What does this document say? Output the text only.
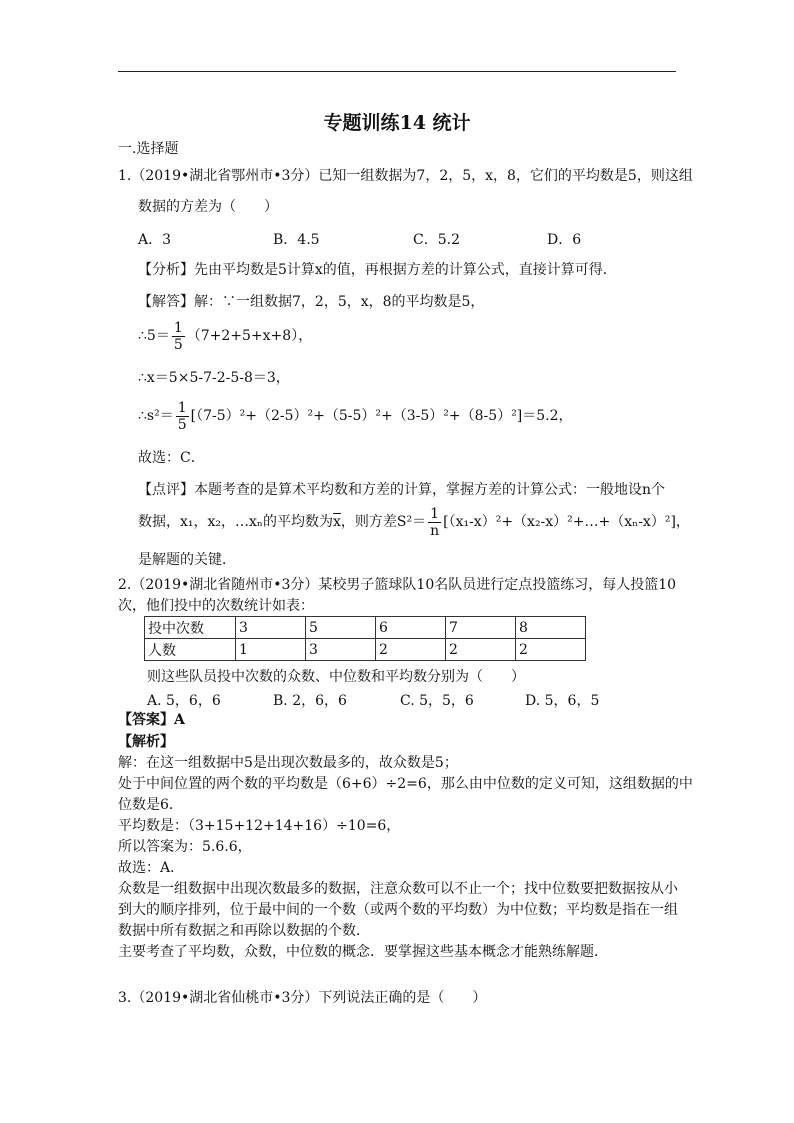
专题训练14 统计
一.选择题
1.（2019•湖北省鄂州市•3分）已知一组数据为7，2，5，x，8，它们的平均数是5，则这组
数据的方差为（　　）
A．3	B．4.5	C．5.2	D．6
【分析】先由平均数是5计算x的值，再根据方差的计算公式，直接计算可得．
【解答】解：∵一组数据7，2，5，x，8的平均数是5，
∴5＝ $\frac{1}{5} (7+2+5+x+8)$，
∴x＝5×5-7-2-5-8＝3，
∴s²＝ $\frac{1}{5} [(7-5)^2+(2-5)^2+(5-5)^2+(3-5)^2+(8-5)^2]=5.2$，
故选：C．
【点评】本题考查的是算术平均数和方差的计算，掌握方差的计算公式：一般地设n个
数据，x₁，x₂，…xₙ的平均数为$\overline{x}$，则方差$S^2= \frac{1}{n}$ [（x₁-x）²+（x₂-x）²+…+（xₙ-x）²]，
是解题的关键．
2.（2019•湖北省随州市•3分）某校男子篮球队10名队员进行定点投篮练习，每人投篮10
次，他们投中的次数统计如表：
投中次数	3	5	6	7	8
人数	1	3	2	2	2
则这些队员投中次数的众数、中位数和平均数分别为（　　）
A. 5，6，6	B. 2，6，6	C. 5，5，6	D. 5，6，5
【答案】A
【解析】
解：在这一组数据中5是出现次数最多的，故众数是5；
处于中间位置的两个数的平均数是（6+6）÷2=6，那么由中位数的定义可知，这组数据的中
位数是6．
平均数是：（3+15+12+14+16）÷10=6，
所以答案为：5.6.6，
故选：A．
众数是一组数据中出现次数最多的数据，注意众数可以不止一个；找中位数要把数据按从小
到大的顺序排列，位于最中间的一个数（或两个数的平均数）为中位数；平均数是指在一组
数据中所有数据之和再除以数据的个数．
主要考查了平均数，众数，中位数的概念．要掌握这些基本概念才能熟练解题．
3.（2019•湖北省仙桃市•3分）下列说法正确的是（　　）
